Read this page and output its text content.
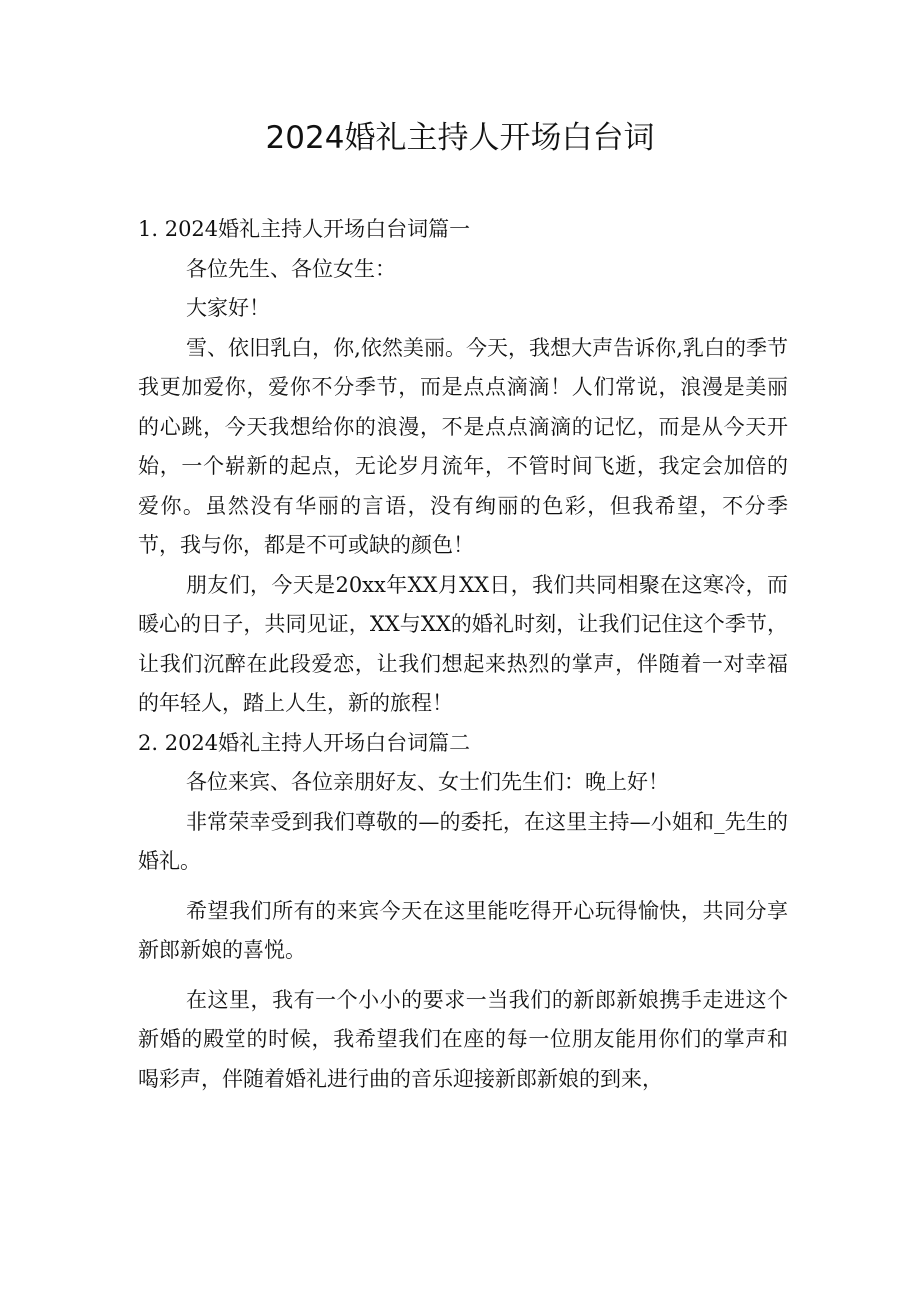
2024婚礼主持人开场白台词
1. 2024婚礼主持人开场白台词篇一

各位先生、各位女生：

大家好！

雪、依旧乳白，你,依然美丽。今天，我想大声告诉你,乳白的季节我更加爱你，爱你不分季节，而是点点滴滴！人们常说，浪漫是美丽的心跳，今天我想给你的浪漫，不是点点滴滴的记忆，而是从今天开始，一个崭新的起点，无论岁月流年，不管时间飞逝，我定会加倍的爱你。虽然没有华丽的言语，没有绚丽的色彩，但我希望，不分季节，我与你，都是不可或缺的颜色！

朋友们，今天是20xx年XX月XX日，我们共同相聚在这寒冷，而暖心的日子，共同见证，XX与XX的婚礼时刻，让我们记住这个季节，让我们沉醉在此段爱恋，让我们想起来热烈的掌声，伴随着一对幸福的年轻人，踏上人生，新的旅程！

2. 2024婚礼主持人开场白台词篇二

各位来宾、各位亲朋好友、女士们先生们：晚上好！

非常荣幸受到我们尊敬的—的委托，在这里主持—小姐和_先生的婚礼。

希望我们所有的来宾今天在这里能吃得开心玩得愉快，共同分享新郎新娘的喜悦。

在这里，我有一个小小的要求一当我们的新郎新娘携手走进这个新婚的殿堂的时候，我希望我们在座的每一位朋友能用你们的掌声和喝彩声，伴随着婚礼进行曲的音乐迎接新郎新娘的到来，
